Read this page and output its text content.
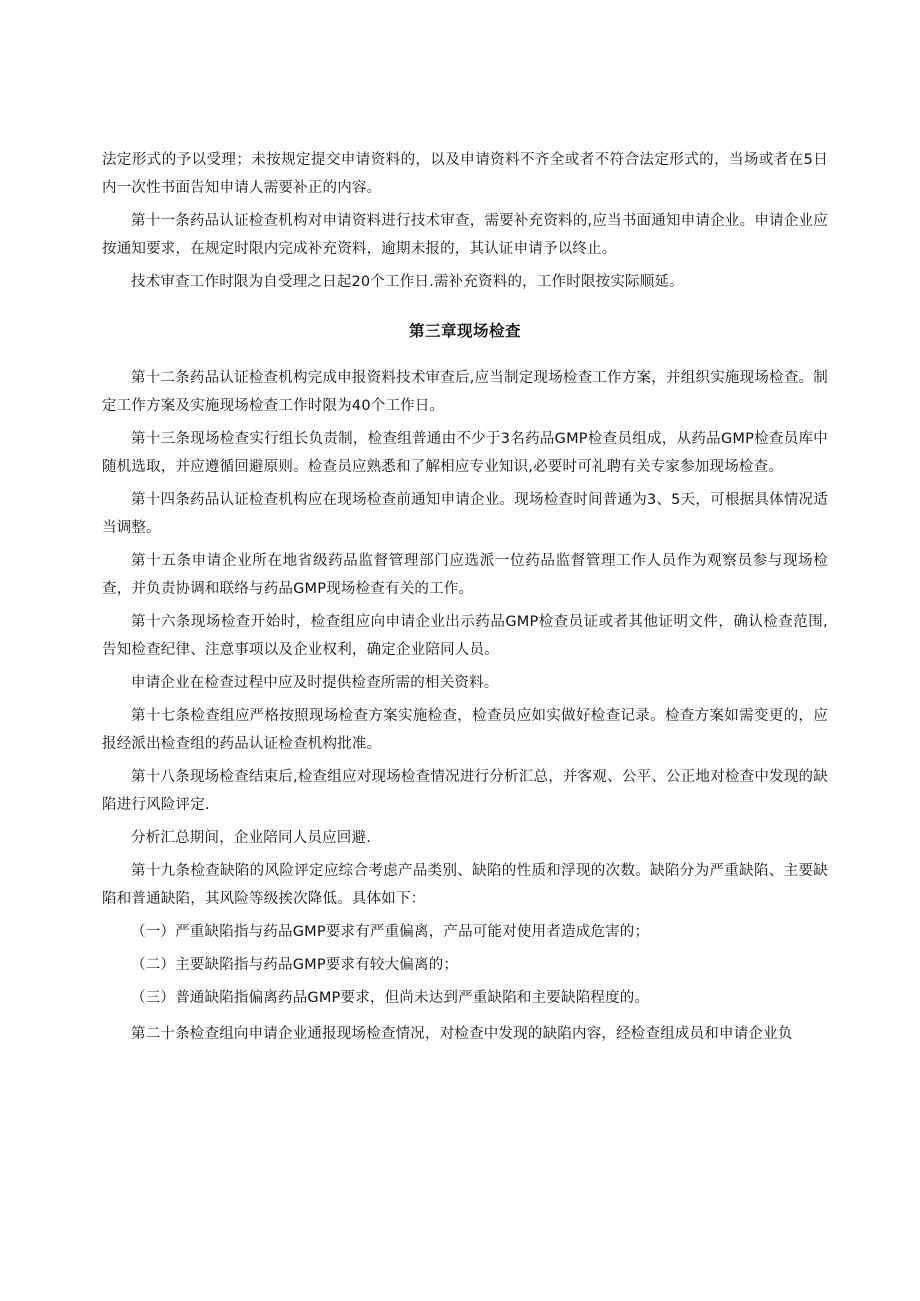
法定形式的予以受理；未按规定提交申请资料的，以及申请资料不齐全或者不符合法定形式的，当场或者在5日内一次性书面告知申请人需要补正的内容。

第十一条药品认证检查机构对申请资料进行技术审查，需要补充资料的,应当书面通知申请企业。申请企业应按通知要求，在规定时限内完成补充资料，逾期未报的，其认证申请予以终止。

技术审查工作时限为自受理之日起20个工作日.需补充资料的，工作时限按实际顺延。

第三章现场检查

第十二条药品认证检查机构完成申报资料技术审查后,应当制定现场检查工作方案，并组织实施现场检查。制定工作方案及实施现场检查工作时限为40个工作日。

第十三条现场检查实行组长负责制，检查组普通由不少于3名药品GMP检查员组成，从药品GMP检查员库中随机选取，并应遵循回避原则。检查员应熟悉和了解相应专业知识,必要时可礼聘有关专家参加现场检查。

第十四条药品认证检查机构应在现场检查前通知申请企业。现场检查时间普通为3、5天，可根据具体情况适当调整。

第十五条申请企业所在地省级药品监督管理部门应选派一位药品监督管理工作人员作为观察员参与现场检查，并负责协调和联络与药品GMP现场检查有关的工作。

第十六条现场检查开始时，检查组应向申请企业出示药品GMP检查员证或者其他证明文件，确认检查范围,告知检查纪律、注意事项以及企业权利，确定企业陪同人员。

申请企业在检查过程中应及时提供检查所需的相关资料。

第十七条检查组应严格按照现场检查方案实施检查，检查员应如实做好检查记录。检查方案如需变更的，应报经派出检查组的药品认证检查机构批准。

第十八条现场检查结束后,检查组应对现场检查情况进行分析汇总，并客观、公平、公正地对检查中发现的缺陷进行风险评定.

分析汇总期间，企业陪同人员应回避.

第十九条检查缺陷的风险评定应综合考虑产品类别、缺陷的性质和浮现的次数。缺陷分为严重缺陷、主要缺陷和普通缺陷，其风险等级挨次降低。具体如下：

（一）严重缺陷指与药品GMP要求有严重偏离，产品可能对使用者造成危害的；

（二）主要缺陷指与药品GMP要求有较大偏离的；

（三）普通缺陷指偏离药品GMP要求，但尚未达到严重缺陷和主要缺陷程度的。

第二十条检查组向申请企业通报现场检查情况，对检查中发现的缺陷内容，经检查组成员和申请企业负
